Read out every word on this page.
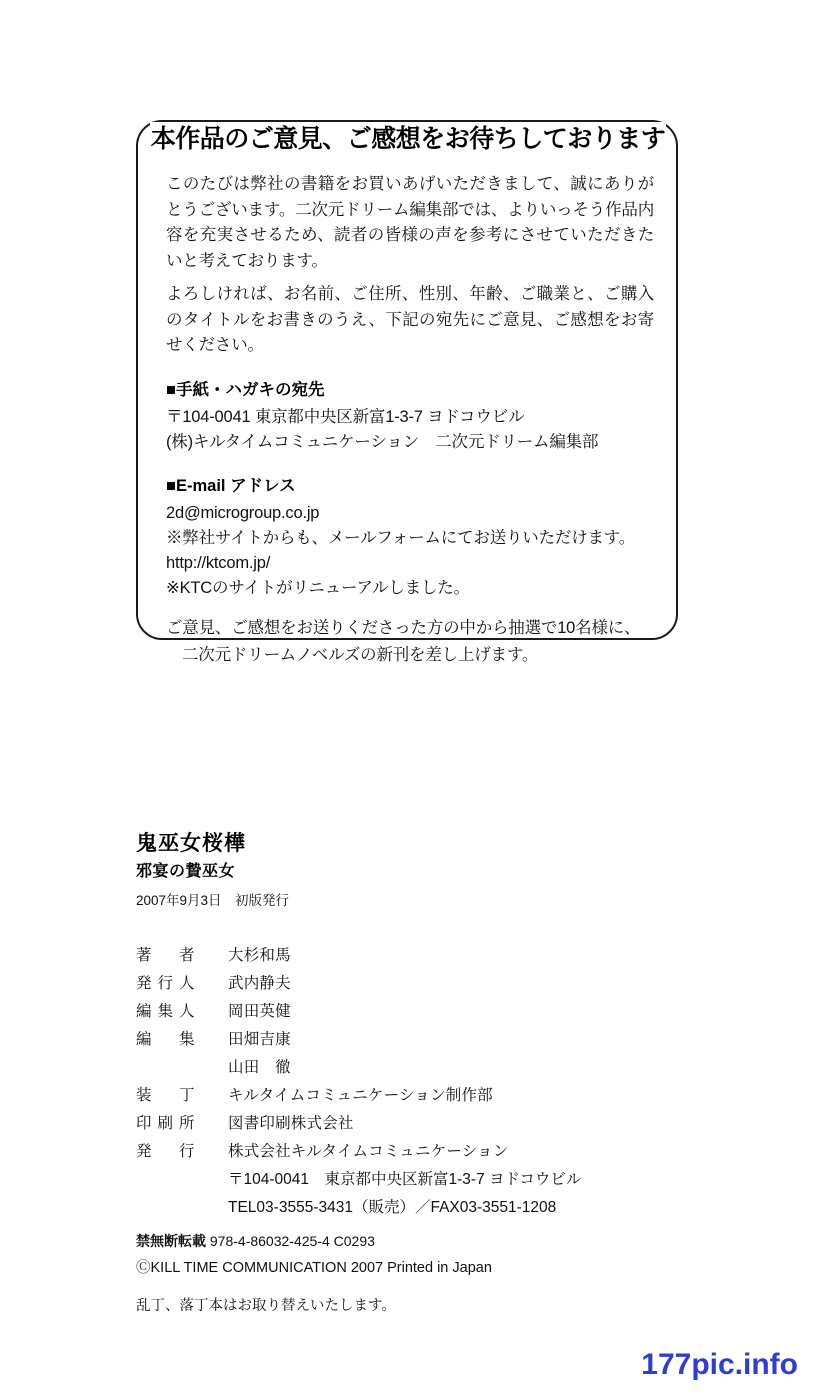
本作品のご意見、ご感想をお待ちしております

このたびは弊社の書籍をお買いあげいただきまして、誠にありがとうございます。二次元ドリーム編集部では、よりいっそう作品内容を充実させるため、読者の皆様の声を参考にさせていただきたいと考えております。

よろしければ、お名前、ご住所、性別、年齢、ご職業と、ご購入のタイトルをお書きのうえ、下記の宛先にご意見、ご感想をお寄せください。

■手紙・ハガキの宛先

〒104-0041 東京都中央区新富1-3-7 ヨドコウビル

(株)キルタイムコミュニケーション　二次元ドリーム編集部

■E-mail アドレス

2d@microgroup.co.jp

※弊社サイトからも、メールフォームにてお送りいただけます。

http://ktcom.jp/

※KTCのサイトがリニューアルしました。

ご意見、ご感想をお送りくださった方の中から抽選で10名様に、

二次元ドリームノベルズの新刊を差し上げます。

鬼巫女桜樺
邪宴の贄巫女

2007年9月3日　初版発行

著　者	大杉和馬
発行人	武内静夫
編集人	岡田英健
編　集	田畑吉康
山田　徹
装　丁	キルタイムコミュニケーション制作部
印刷所	図書印刷株式会社
発　行	株式会社キルタイムコミュニケーション
〒104-0041　東京都中央区新富1-3-7 ヨドコウビル
TEL03-3555-3431（販売）／FAX03-3551-1208

禁無断転載 978-4-86032-425-4 C0293

ⒸKILL TIME COMMUNICATION 2007 Printed in Japan

乱丁、落丁本はお取り替えいたします。

177pic.info
